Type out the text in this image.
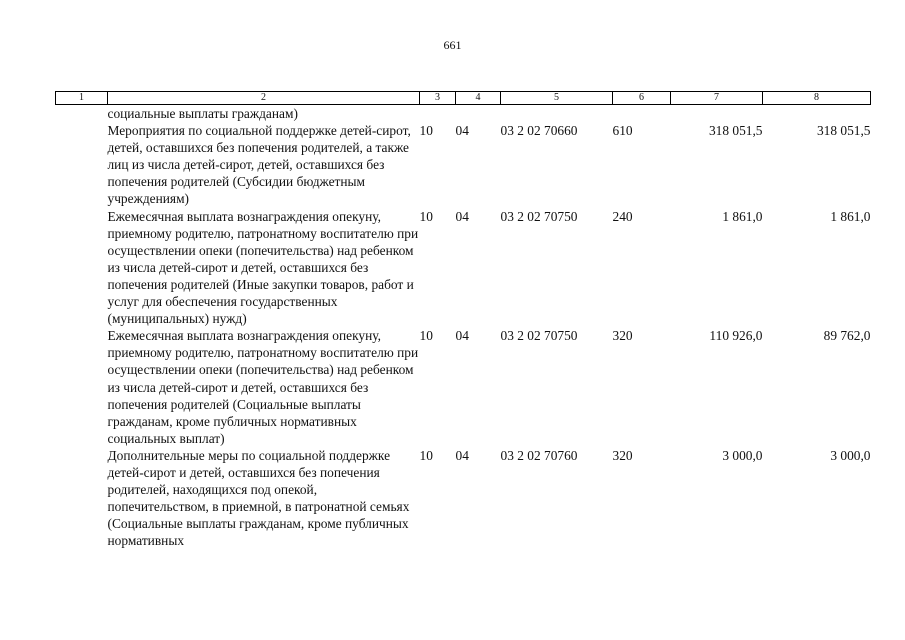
661
1	2	3	4	5	6	7	8
	социальные выплаты гражданам)						
	Мероприятия по социальной поддержке детей-сирот, детей, оставшихся без попечения родителей, а также лиц из числа детей-сирот, детей, оставшихся без попечения родителей (Субсидии бюджетным учреждениям)	10	04	03 2 02 70660	610	318 051,5	318 051,5
	Ежемесячная выплата вознаграждения опекуну, приемному родителю, патронатному воспитателю при осуществлении опеки (попечительства) над ребенком из числа детей-сирот и детей, оставшихся без попечения родителей (Иные закупки товаров, работ и услуг для обеспечения государственных (муниципальных) нужд)	10	04	03 2 02 70750	240	1 861,0	1 861,0
	Ежемесячная выплата вознаграждения опекуну, приемному родителю, патронатному воспитателю при осуществлении опеки (попечительства) над ребенком из числа детей-сирот и детей, оставшихся без попечения родителей (Социальные выплаты гражданам, кроме публичных нормативных социальных выплат)	10	04	03 2 02 70750	320	110 926,0	89 762,0
	Дополнительные меры по социальной поддержке детей-сирот и детей, оставшихся без попечения родителей, находящихся под опекой, попечительством, в приемной, в патронатной семьях (Социальные выплаты гражданам, кроме публичных нормативных	10	04	03 2 02 70760	320	3 000,0	3 000,0
